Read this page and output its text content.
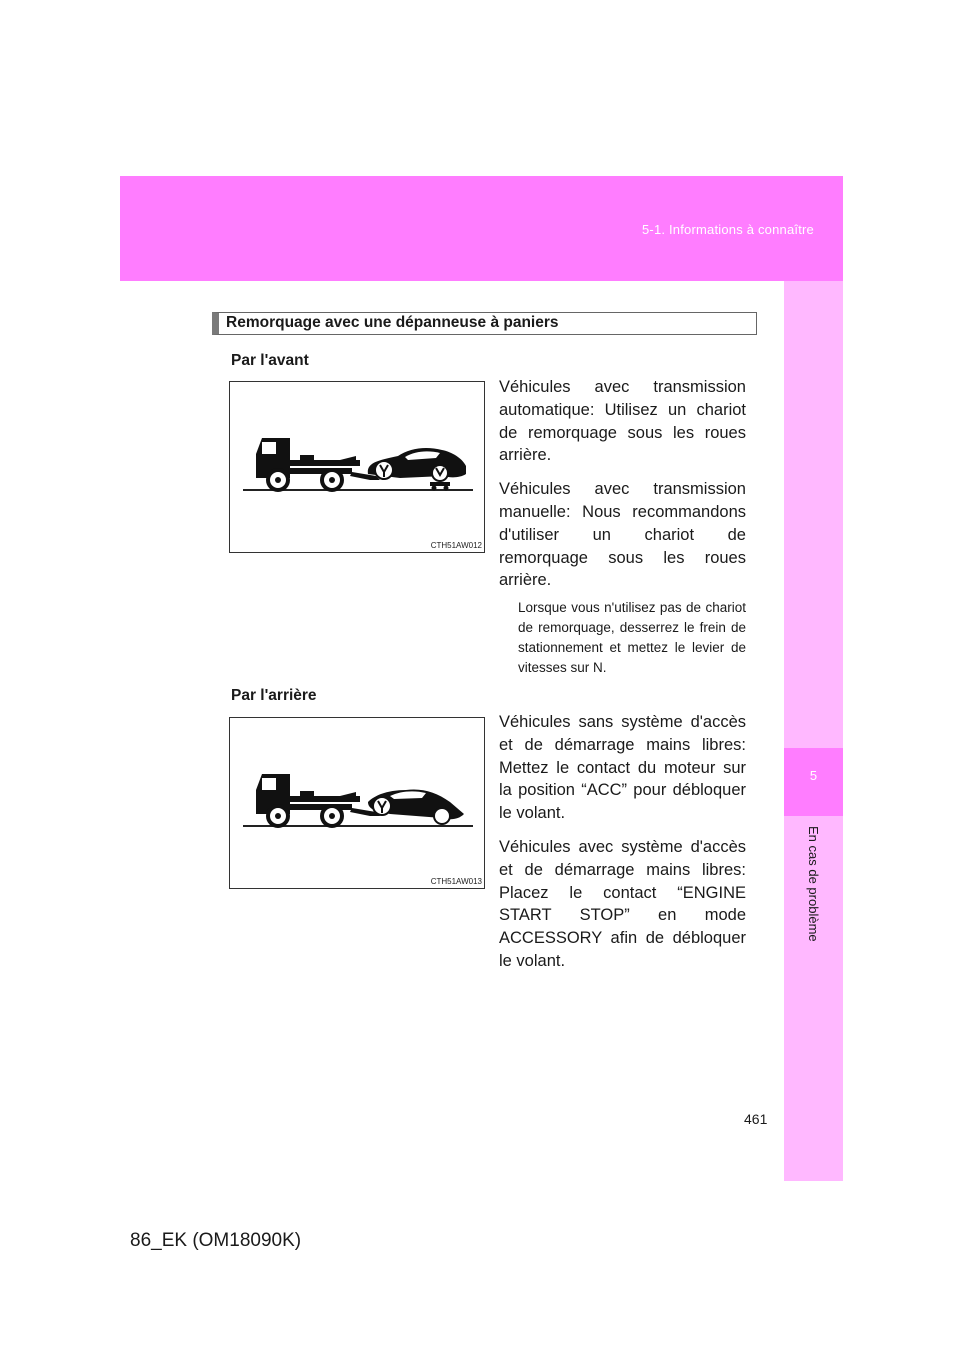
5-1. Informations à connaître
5
En cas de problème
Remorquage avec une dépanneuse à paniers
Par l'avant
CTH51AW012

Véhicules avec transmission automatique: Utilisez un chariot de remorquage sous les roues arrière.

Véhicules avec transmission manuelle: Nous recommandons d'utiliser un chariot de remorquage sous les roues arrière.

Lorsque vous n'utilisez pas de chariot de remorquage, desserrez le frein de stationnement et mettez le levier de vitesses sur N.
Par l'arrière
CTH51AW013

Véhicules sans système d'accès et de démarrage mains libres: Mettez le contact du moteur sur la position “ACC” pour débloquer le volant.

Véhicules avec système d'accès et de démarrage mains libres: Placez le contact “ENGINE START STOP” en mode ACCESSORY afin de débloquer le volant.

461
86_EK (OM18090K)
